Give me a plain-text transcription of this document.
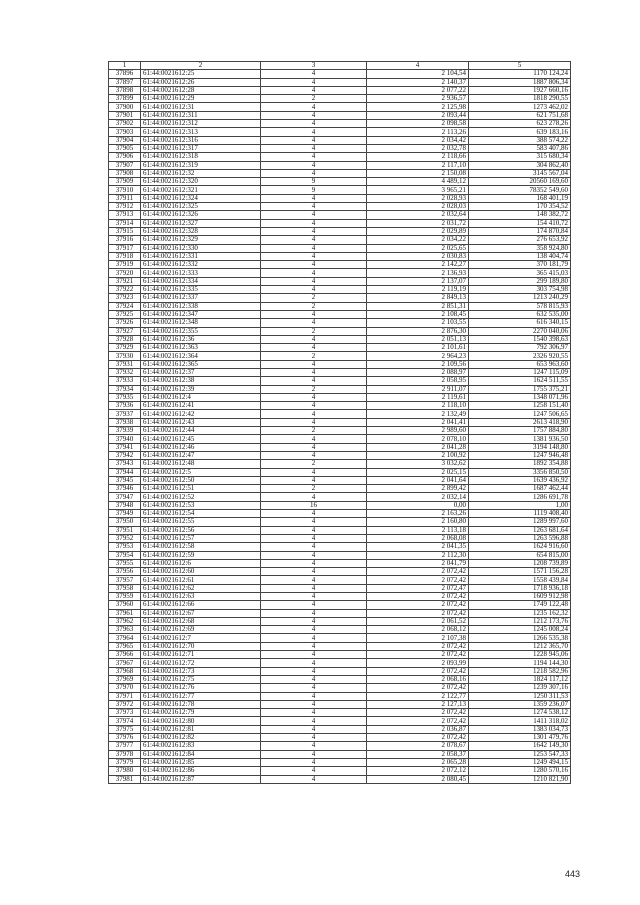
1	2	3	4	5
37896	61:44:0021612:25	4	2 104,54	1170 124,24
37897	61:44:0021612:26	4	2 140,37	1887 806,34
37898	61:44:0021612:28	4	2 077,22	1927 660,16
37899	61:44:0021612:29	2	2 936,57	1818 290,55
37900	61:44:0021612:31	4	2 125,98	1273 462,02
37901	61:44:0021612:311	4	2 093,44	621 751,68
37902	61:44:0021612:312	4	2 098,58	623 278,26
37903	61:44:0021612:313	4	2 113,26	639 183,16
37904	61:44:0021612:316	4	2 034,42	388 574,22
37905	61:44:0021612:317	4	2 032,78	583 407,86
37906	61:44:0021612:318	4	2 118,66	315 680,34
37907	61:44:0021612:319	4	2 117,10	304 862,40
37908	61:44:0021612:32	4	2 150,08	3145 567,04
37909	61:44:0021612:320	9	4 489,12	20560 169,60
37910	61:44:0021612:321	9	3 965,21	78352 549,60
37911	61:44:0021612:324	4	2 028,93	168 401,19
37912	61:44:0021612:325	4	2 028,03	170 354,52
37913	61:44:0021612:326	4	2 032,64	148 382,72
37914	61:44:0021612:327	4	2 031,72	154 410,72
37915	61:44:0021612:328	4	2 029,89	174 870,84
37916	61:44:0021612:329	4	2 034,22	276 653,92
37917	61:44:0021612:330	4	2 025,65	358 924,80
37918	61:44:0021612:331	4	2 030,83	138 404,74
37919	61:44:0021612:332	4	2 142,27	370 181,79
37920	61:44:0021612:333	4	2 136,93	365 415,03
37921	61:44:0021612:334	4	2 137,07	299 189,80
37922	61:44:0021612:335	4	2 119,19	303 754,98
37923	61:44:0021612:337	2	2 849,13	1213 240,29
37924	61:44:0021612:338	2	2 851,31	578 815,93
37925	61:44:0021612:347	4	2 108,45	632 535,00
37926	61:44:0021612:348	4	2 103,55	616 340,15
37927	61:44:0021612:355	2	2 876,30	2270 040,06
37928	61:44:0021612:36	4	2 051,13	1540 398,63
37929	61:44:0021612:363	4	2 101,61	792 306,97
37930	61:44:0021612:364	2	2 964,23	2326 920,55
37931	61:44:0021612:365	4	2 109,56	653 963,60
37932	61:44:0021612:37	4	2 088,97	1247 115,09
37933	61:44:0021612:38	4	2 058,95	1624 511,55
37934	61:44:0021612:39	2	2 911,07	1755 375,21
37935	61:44:0021612:4	4	2 119,61	1348 071,96
37936	61:44:0021612:41	4	2 118,10	1258 151,40
37937	61:44:0021612:42	4	2 132,49	1247 506,65
37938	61:44:0021612:43	4	2 041,41	2613 418,90
37939	61:44:0021612:44	2	2 989,60	1757 884,80
37940	61:44:0021612:45	4	2 078,10	1381 936,50
37941	61:44:0021612:46	4	2 041,28	3194 148,80
37942	61:44:0021612:47	4	2 100,92	1247 946,48
37943	61:44:0021612:48	2	3 032,62	1892 354,88
37944	61:44:0021612:5	4	2 025,15	3356 850,50
37945	61:44:0021612:50	4	2 041,64	1639 436,92
37946	61:44:0021612:51	2	2 899,42	1687 462,44
37947	61:44:0021612:52	4	2 032,14	1286 691,78
37948	61:44:0021612:53	16	0,00	1,00
37949	61:44:0021612:54	4	2 163,26	1119 408,40
37950	61:44:0021612:55	4	2 160,80	1289 997,60
37951	61:44:0021612:56	4	2 113,18	1263 681,64
37952	61:44:0021612:57	4	2 068,08	1263 596,88
37953	61:44:0021612:58	4	2 041,35	1624 916,60
37954	61:44:0021612:59	4	2 112,30	654 815,00
37955	61:44:0021612:6	4	2 041,79	1208 739,89
37956	61:44:0021612:60	4	2 072,42	1571 156,28
37957	61:44:0021612:61	4	2 072,42	1558 439,84
37958	61:44:0021612:62	4	2 072,47	1718 936,18
37959	61:44:0021612:63	4	2 072,42	1609 912,98
37960	61:44:0021612:66	4	2 072,42	1749 122,48
37961	61:44:0021612:67	4	2 072,42	1235 162,32
37962	61:44:0021612:68	4	2 061,52	1212 173,76
37963	61:44:0021612:69	4	2 068,12	1245 008,24
37964	61:44:0021612:7	4	2 107,38	1266 535,38
37965	61:44:0021612:70	4	2 072,42	1212 365,70
37966	61:44:0021612:71	4	2 072,42	1228 945,06
37967	61:44:0021612:72	4	2 093,99	1194 144,30
37968	61:44:0021612:73	4	2 072,42	1218 582,96
37969	61:44:0021612:75	4	2 068,16	1824 117,12
37970	61:44:0021612:76	4	2 072,42	1239 307,16
37971	61:44:0021612:77	4	2 122,77	1250 311,53
37972	61:44:0021612:78	4	2 127,13	1359 236,07
37973	61:44:0021612:79	4	2 072,42	1274 538,12
37974	61:44:0021612:80	4	2 072,42	1411 318,02
37975	61:44:0021612:81	4	2 036,87	1383 034,73
37976	61:44:0021612:82	4	2 072,42	1301 479,76
37977	61:44:0021612:83	4	2 078,67	1642 149,30
37978	61:44:0021612:84	4	2 058,37	1253 547,33
37979	61:44:0021612:85	4	2 065,28	1249 494,15
37980	61:44:0021612:86	4	2 072,12	1280 570,16
37981	61:44:0021612:87	4	2 080,45	1210 821,90
443
